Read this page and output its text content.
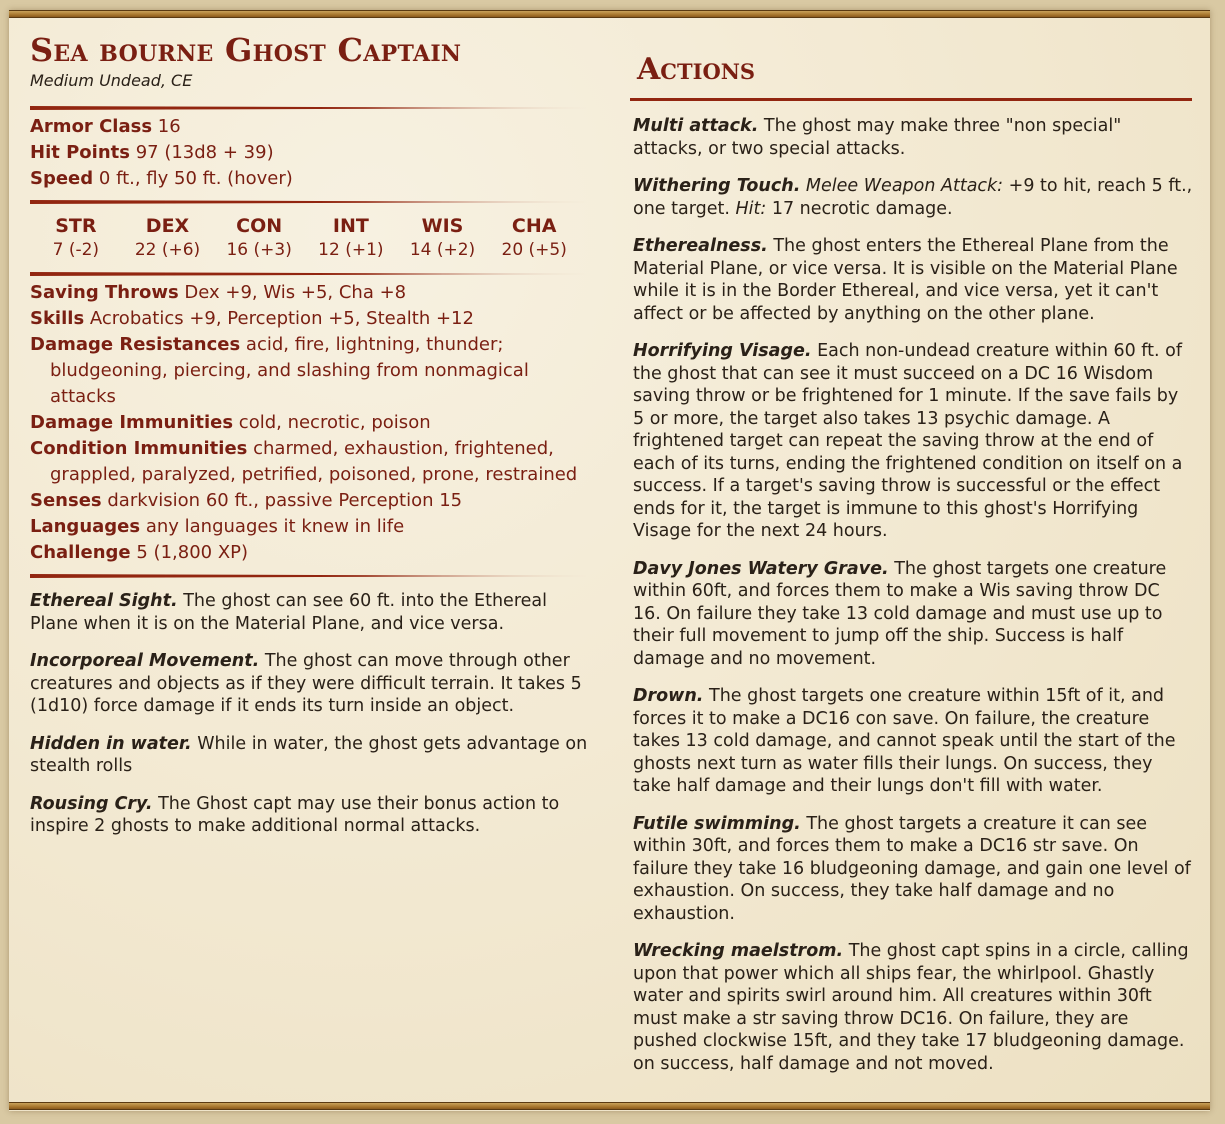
Sea bourne Ghost Captain

Medium Undead, CE

Armor Class 16

Hit Points 97 (13d8 + 39)

Speed 0 ft., fly 50 ft. (hover)

STR
7 (-2)
DEX
22 (+6)
CON
16 (+3)
INT
12 (+1)
WIS
14 (+2)
CHA
20 (+5)

Saving Throws Dex +9, Wis +5, Cha +8

Skills Acrobatics +9, Perception +5, Stealth +12

Damage Resistances acid, fire, lightning, thunder; bludgeoning, piercing, and slashing from nonmagical attacks

Damage Immunities cold, necrotic, poison

Condition Immunities charmed, exhaustion, frightened, grappled, paralyzed, petrified, poisoned, prone, restrained

Senses darkvision 60 ft., passive Perception 15

Languages any languages it knew in life

Challenge 5 (1,800 XP)

Ethereal Sight. The ghost can see 60 ft. into the Ethereal Plane when it is on the Material Plane, and vice versa.

Incorporeal Movement. The ghost can move through other creatures and objects as if they were difficult terrain. It takes 5 (1d10) force damage if it ends its turn inside an object.

Hidden in water. While in water, the ghost gets advantage on stealth rolls

Rousing Cry. The Ghost capt may use their bonus action to inspire 2 ghosts to make additional normal attacks.

Actions

Multi attack. The ghost may make three "non special" attacks, or two special attacks.

Withering Touch. Melee Weapon Attack: +9 to hit, reach 5 ft., one target. Hit: 17 necrotic damage.

Etherealness. The ghost enters the Ethereal Plane from the Material Plane, or vice versa. It is visible on the Material Plane while it is in the Border Ethereal, and vice versa, yet it can't affect or be affected by anything on the other plane.

Horrifying Visage. Each non-undead creature within 60 ft. of the ghost that can see it must succeed on a DC 16 Wisdom saving throw or be frightened for 1 minute. If the save fails by 5 or more, the target also takes 13 psychic damage. A frightened target can repeat the saving throw at the end of each of its turns, ending the frightened condition on itself on a success. If a target's saving throw is successful or the effect ends for it, the target is immune to this ghost's Horrifying Visage for the next 24 hours.

Davy Jones Watery Grave. The ghost targets one creature within 60ft, and forces them to make a Wis saving throw DC 16. On failure they take 13 cold damage and must use up to their full movement to jump off the ship. Success is half damage and no movement.

Drown. The ghost targets one creature within 15ft of it, and forces it to make a DC16 con save. On failure, the creature takes 13 cold damage, and cannot speak until the start of the ghosts next turn as water fills their lungs. On success, they take half damage and their lungs don't fill with water.

Futile swimming. The ghost targets a creature it can see within 30ft, and forces them to make a DC16 str save. On failure they take 16 bludgeoning damage, and gain one level of exhaustion. On success, they take half damage and no exhaustion.

Wrecking maelstrom. The ghost capt spins in a circle, calling upon that power which all ships fear, the whirlpool. Ghastly water and spirits swirl around him. All creatures within 30ft must make a str saving throw DC16. On failure, they are pushed clockwise 15ft, and they take 17 bludgeoning damage. on success, half damage and not moved.
